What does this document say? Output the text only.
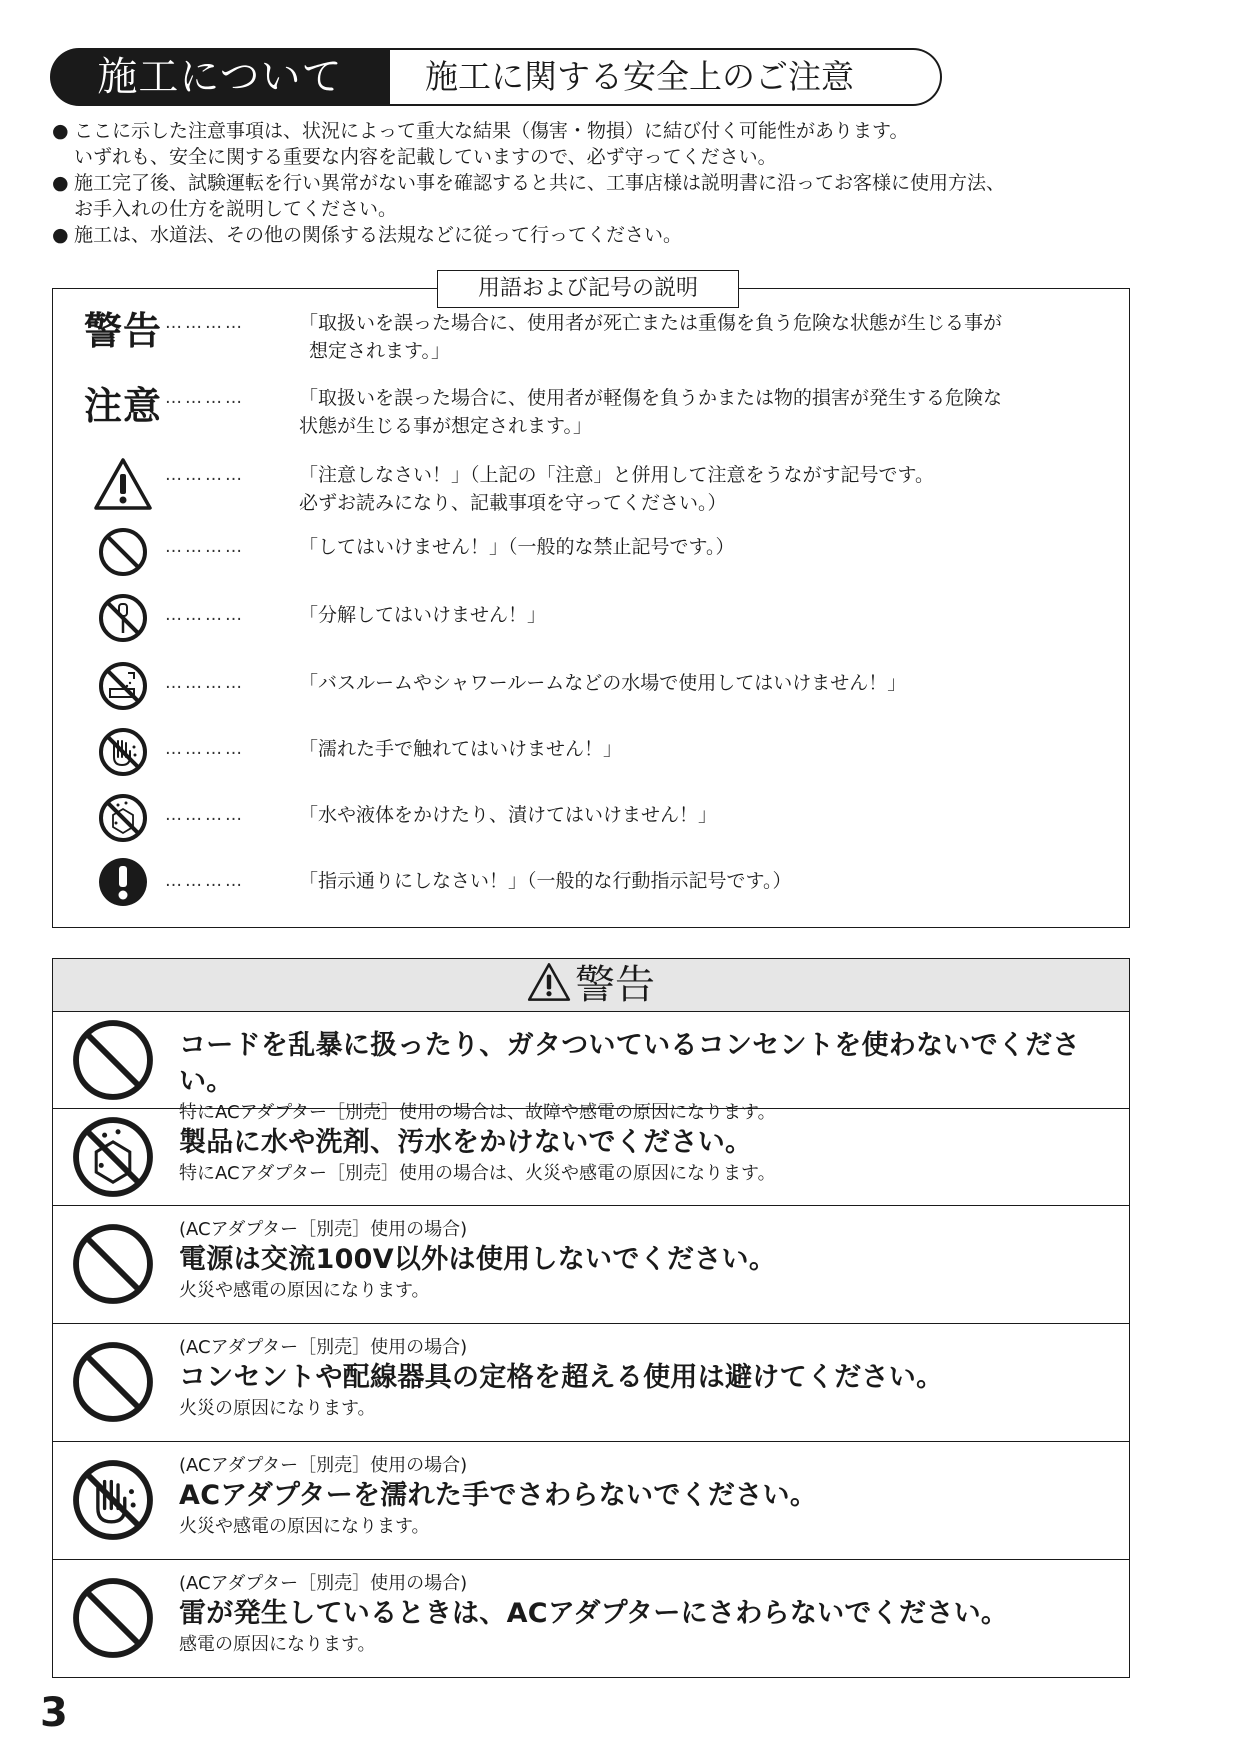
施工について	施工に関する安全上のご注意

● ここに示した注意事項は、状況によって重大な結果（傷害・物損）に結び付く可能性があります。
いずれも、安全に関する重要な内容を記載していますので、必ず守ってください。

● 施工完了後、試験運転を行い異常がない事を確認すると共に、工事店様は説明書に沿ってお客様に使用方法、
お手入れの仕方を説明してください。

● 施工は、水道法、その他の関係する法規などに従って行ってください。

用語および記号の説明
警告 …………	「取扱いを誤った場合に、使用者が死亡または重傷を負う危険な状態が生じる事が
想定されます。」
注意 …………	「取扱いを誤った場合に、使用者が軽傷を負うかまたは物的損害が発生する危険な
状態が生じる事が想定されます。」
…………	「注意しなさい！」（上記の「注意」と併用して注意をうながす記号です。
必ずお読みになり、記載事項を守ってください。）
…………	「してはいけません！」（一般的な禁止記号です。）
…………	「分解してはいけません！」
…………	「バスルームやシャワールームなどの水場で使用してはいけません！」
…………	「濡れた手で触れてはいけません！」
…………	「水や液体をかけたり、漬けてはいけません！」
…………	「指示通りにしなさい！」（一般的な行動指示記号です。）
警告
コードを乱暴に扱ったり、ガタついているコンセントを使わないでください。
特にACアダプター［別売］使用の場合は、故障や感電の原因になります。
製品に水や洗剤、汚水をかけないでください。
特にACアダプター［別売］使用の場合は、火災や感電の原因になります。
(ACアダプター［別売］使用の場合)
電源は交流100V以外は使用しないでください。
火災や感電の原因になります。
(ACアダプター［別売］使用の場合)
コンセントや配線器具の定格を超える使用は避けてください。
火災の原因になります。
(ACアダプター［別売］使用の場合)
ACアダプターを濡れた手でさわらないでください。
火災や感電の原因になります。
(ACアダプター［別売］使用の場合)
雷が発生しているときは、ACアダプターにさわらないでください。
感電の原因になります。
3
